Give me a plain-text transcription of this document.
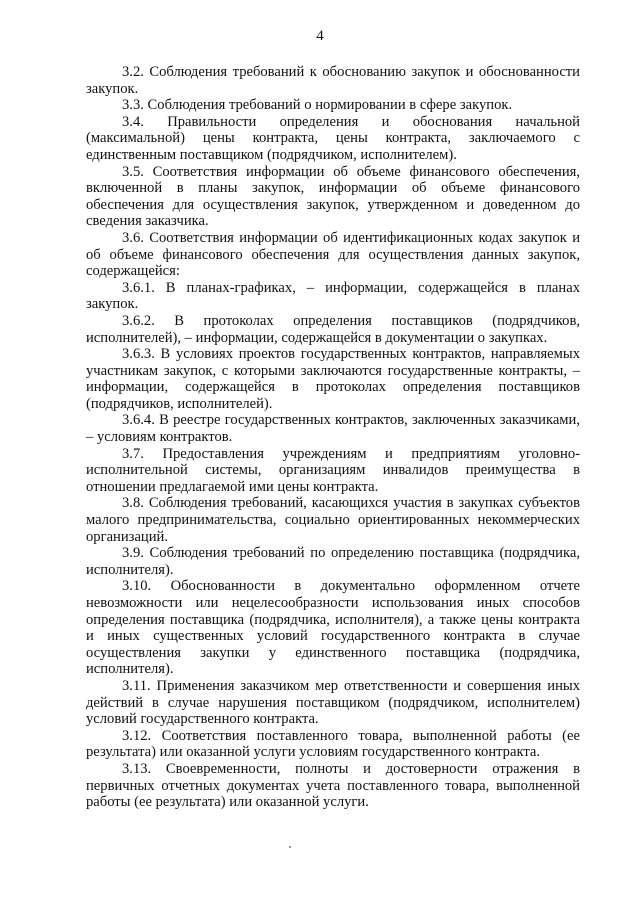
4

3.2. Соблюдения требований к обоснованию закупок и обоснованности закупок.

3.3. Соблюдения требований о нормировании в сфере закупок.

3.4. Правильности определения и обоснования начальной (максимальной) цены контракта, цены контракта, заключаемого с единственным поставщиком (подрядчиком, исполнителем).

3.5. Соответствия информации об объеме финансового обеспечения, включенной в планы закупок, информации об объеме финансового обеспечения для осуществления закупок, утвержденном и доведенном до сведения заказчика.

3.6. Соответствия информации об идентификационных кодах закупок и об объеме финансового обеспечения для осуществления данных закупок, содержащейся:

3.6.1. В планах-графиках, – информации, содержащейся в планах закупок.

3.6.2. В протоколах определения поставщиков (подрядчиков, исполнителей), – информации, содержащейся в документации о закупках.

3.6.3. В условиях проектов государственных контрактов, направляемых участникам закупок, с которыми заключаются государственные контракты, – информации, содержащейся в протоколах определения поставщиков (подрядчиков, исполнителей).

3.6.4. В реестре государственных контрактов, заключенных заказчиками, – условиям контрактов.

3.7. Предоставления учреждениям и предприятиям уголовно-исполнительной системы, организациям инвалидов преимущества в отношении предлагаемой ими цены контракта.

3.8. Соблюдения требований, касающихся участия в закупках субъектов малого предпринимательства, социально ориентированных некоммерческих организаций.

3.9. Соблюдения требований по определению поставщика (подрядчика, исполнителя).

3.10. Обоснованности в документально оформленном отчете невозможности или нецелесообразности использования иных способов определения поставщика (подрядчика, исполнителя), а также цены контракта и иных существенных условий государственного контракта в случае осуществления закупки у единственного поставщика (подрядчика, исполнителя).

3.11. Применения заказчиком мер ответственности и совершения иных действий в случае нарушения поставщиком (подрядчиком, исполнителем) условий государственного контракта.

3.12. Соответствия поставленного товара, выполненной работы (ее результата) или оказанной услуги условиям государственного контракта.

3.13. Своевременности, полноты и достоверности отражения в первичных отчетных документах учета поставленного товара, выполненной работы (ее результата) или оказанной услуги.
